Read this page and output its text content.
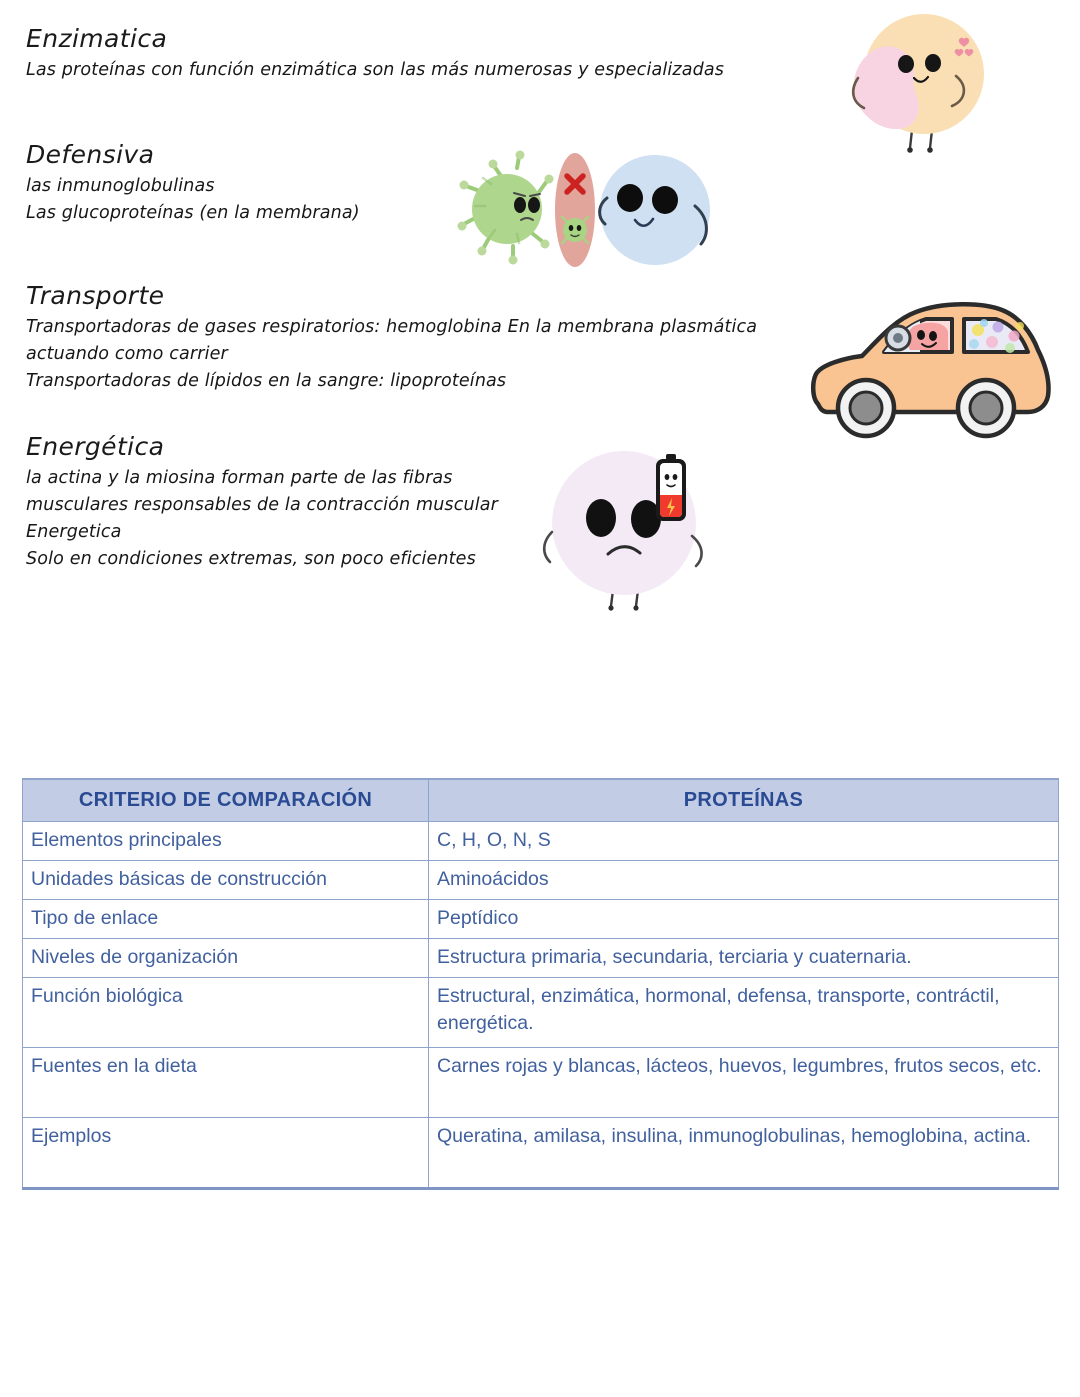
Enzimatica
Las proteínas con función enzimática son las más numerosas y especializadas
Defensiva
las inmunoglobulinas
Las glucoproteínas (en la membrana)
Transporte
Transportadoras de gases respiratorios: hemoglobina En la membrana plasmática
actuando como carrier
Transportadoras de lípidos en la sangre: lipoproteínas
Energética
la actina y la miosina forman parte de las fibras
musculares responsables de la contracción muscular
Energetica
Solo en condiciones extremas, son poco eficientes
CRITERIO DE COMPARACIÓN	PROTEÍNAS
Elementos principales	C, H, O, N, S
Unidades básicas de construcción	Aminoácidos
Tipo de enlace	Peptídico
Niveles de organización	Estructura primaria, secundaria, terciaria y cuaternaria.
Función biológica	Estructural, enzimática, hormonal, defensa, transporte, contráctil, energética.
Fuentes en la dieta	Carnes rojas y blancas, lácteos, huevos, legumbres, frutos secos, etc.
Ejemplos	Queratina, amilasa, insulina, inmunoglobulinas, hemoglobina, actina.
